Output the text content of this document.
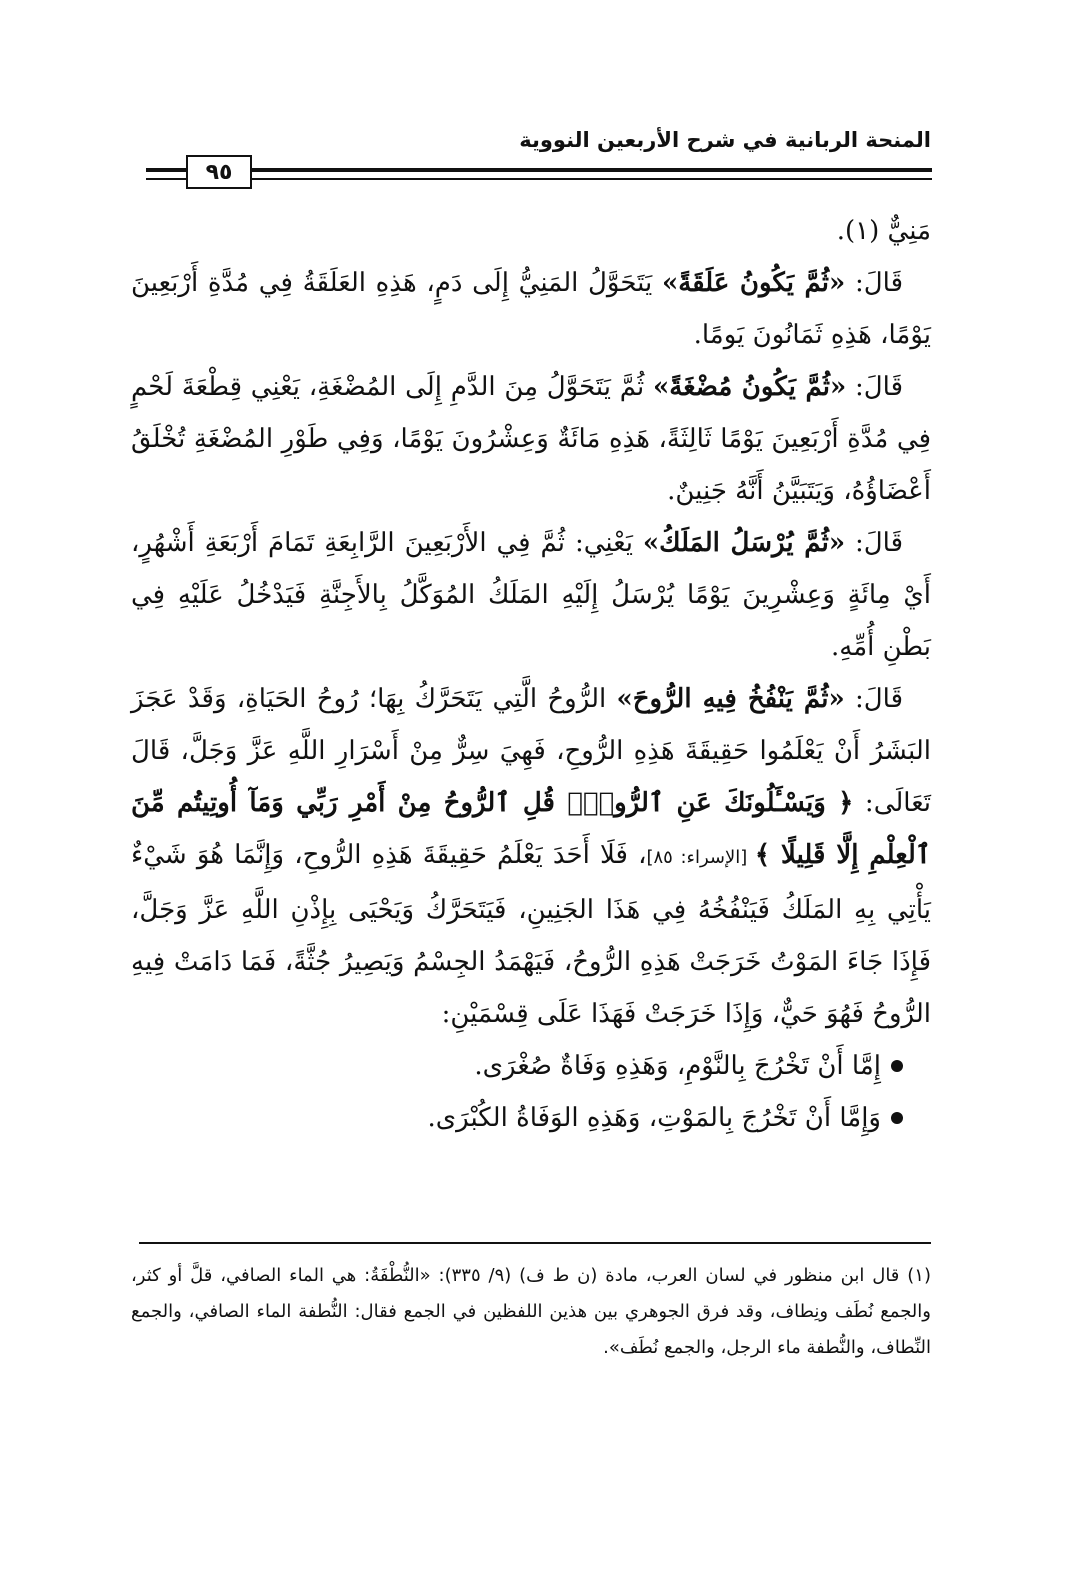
المنحة الربانية في شرح الأربعين النووية
٩٥

مَنِيٌّ (١).

قَالَ: «ثُمَّ يَكُونُ عَلَقَةً» يَتَحَوَّلُ المَنِيُّ إِلَى دَمٍ، هَذِهِ العَلَقَةُ فِي مُدَّةِ أَرْبَعِينَ يَوْمًا، هَذِهِ ثَمَانُونَ يَومًا.

قَالَ: «ثُمَّ يَكُونُ مُضْغَةً» ثُمَّ يَتَحَوَّلُ مِنَ الدَّمِ إِلَى المُضْغَةِ، يَعْنِي قِطْعَةَ لَحْمٍ فِي مُدَّةِ أَرْبَعِينَ يَوْمًا ثَالِثَةً، هَذِهِ مَائَةٌ وَعِشْرُونَ يَوْمًا، وَفِي طَوْرِ المُضْغَةِ تُخْلَقُ أَعْضَاؤُهُ، وَيَتَبَيَّنُ أَنَّهُ جَنِينٌ.

قَالَ: «ثُمَّ يُرْسَلُ المَلَكُ» يَعْنِي: ثُمَّ فِي الأَرْبَعِينَ الرَّابِعَةِ تَمَامَ أَرْبَعَةِ أَشْهُرٍ، أَيْ مِائَةٍ وَعِشْرِينَ يَوْمًا يُرْسَلُ إِلَيْهِ المَلَكُ المُوَكَّلُ بِالأَجِنَّةِ فَيَدْخُلُ عَلَيْهِ فِي بَطْنِ أُمِّهِ.

قَالَ: «ثُمَّ يَنْفُخُ فِيهِ الرُّوحَ» الرُّوحُ الَّتِي يَتَحَرَّكُ بِهَا؛ رُوحُ الحَيَاةِ، وَقَدْ عَجَزَ البَشَرُ أَنْ يَعْلَمُوا حَقِيقَةَ هَذِهِ الرُّوحِ، فَهِيَ سِرٌّ مِنْ أَسْرَارِ اللَّهِ عَزَّ وَجَلَّ، قَالَ تَعَالَى: ﴿ وَيَسْـَٔلُونَكَ عَنِ ٱلرُّوحِۖ قُلِ ٱلرُّوحُ مِنْ أَمْرِ رَبِّي وَمَآ أُوتِيتُم مِّنَ ٱلْعِلْمِ إِلَّا قَلِيلًا ﴾ [الإسراء: ٨٥]، فَلَا أَحَدَ يَعْلَمُ حَقِيقَةَ هَذِهِ الرُّوحِ، وَإِنَّمَا هُوَ شَيْءٌ يَأْتِي بِهِ المَلَكُ فَيَنْفُخُهُ فِي هَذَا الجَنِينِ، فَيَتَحَرَّكُ وَيَحْيَى بِإِذْنِ اللَّهِ عَزَّ وَجَلَّ، فَإِذَا جَاءَ المَوْتُ خَرَجَتْ هَذِهِ الرُّوحُ، فَيَهْمَدُ الجِسْمُ وَيَصِيرُ جُثَّةً، فَمَا دَامَتْ فِيهِ الرُّوحُ فَهُوَ حَيٌّ، وَإِذَا خَرَجَتْ فَهَذَا عَلَى قِسْمَيْنِ:

إِمَّا أَنْ تَخْرُجَ بِالنَّوْمِ، وَهَذِهِ وَفَاةٌ صُغْرَى.
وَإِمَّا أَنْ تَخْرُجَ بِالمَوْتِ، وَهَذِهِ الوَفَاةُ الكُبْرَى.

(١) قال ابن منظور في لسان العرب، مادة (ن ط ف) (٩/ ٣٣٥): «النُّطْفَةُ: هي الماء الصافي، قلَّ أو كثر، والجمع نُطَف ونِطاف، وقد فرق الجوهري بين هذين اللفظين في الجمع فقال: النُّطفة الماء الصافي، والجمع النِّطاف، والنُّطفة ماء الرجل، والجمع نُطَف».
